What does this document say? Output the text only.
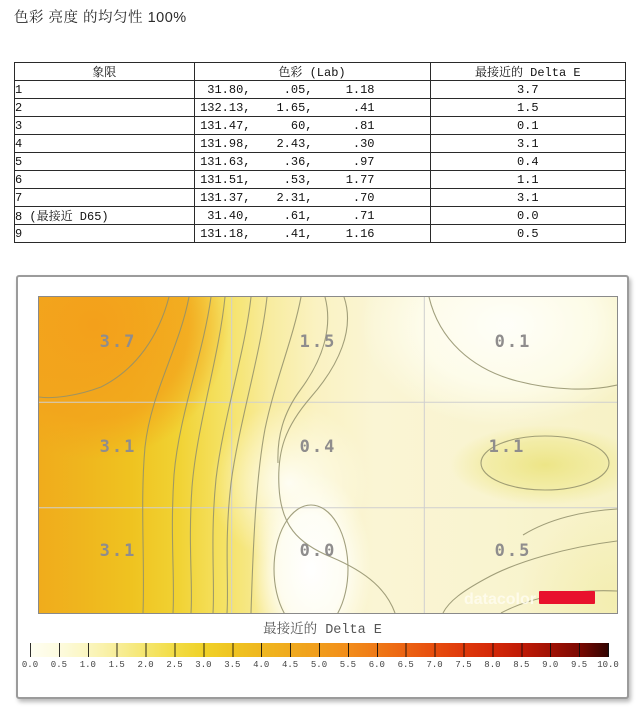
色彩 亮度 的均匀性 100%
象限	色彩 (Lab)	最接近的 Delta E
1	31.80, .05, 1.18	3.7
2	132.13, 1.65, .41	1.5
3	131.47, 60, .81	0.1
4	131.98, 2.43, .30	3.1
5	131.63, .36, .97	0.4
6	131.51, .53, 1.77	1.1
7	131.37, 2.31, .70	3.1
8 (最接近 D65)	31.40, .61, .71	0.0
9	131.18, .41, 1.16	0.5
3.7	1.5	0.1
3.1	0.4	1.1
3.1	0.0	0.5
datacolor
最接近的 Delta E
0.0 0.5 1.0 1.5 2.0 2.5 3.0 3.5 4.0 4.5 5.0 5.5 6.0 6.5 7.0 7.5 8.0 8.5 9.0 9.5 10.0
